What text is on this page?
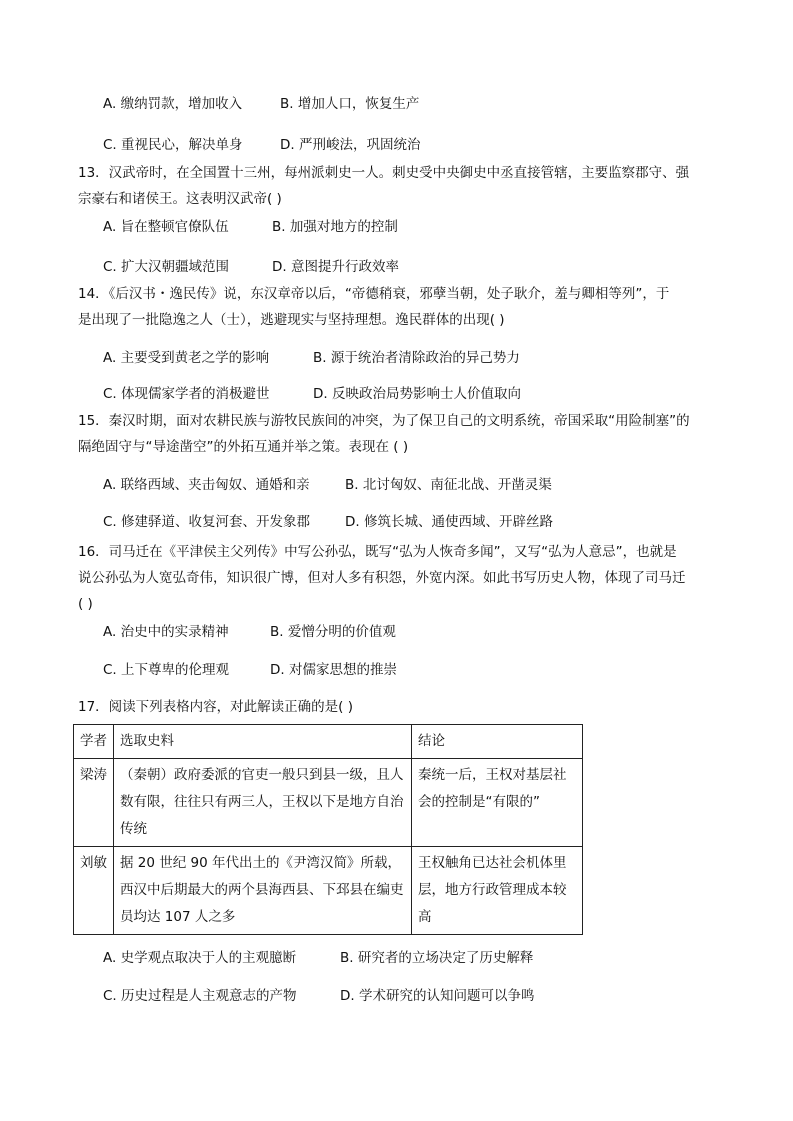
A. 缴纳罚款，增加收入	B. 增加人口，恢复生产
C. 重视民心，解决单身	D. 严刑峻法，巩固统治
13．汉武帝时，在全国置十三州，每州派刺史一人。刺史受中央御史中丞直接管辖，主要监察郡守、强
宗豪右和诸侯王。这表明汉武帝( )
A. 旨在整顿官僚队伍	B. 加强对地方的控制
C. 扩大汉朝疆域范围	D. 意图提升行政效率
14．《后汉书・逸民传》说，东汉章帝以后，“帝德稍衰，邪孽当朝，处子耿介，羞与卿相等列”，于
是出现了一批隐逸之人（士），逃避现实与坚持理想。逸民群体的出现( )
A. 主要受到黄老之学的影响	B. 源于统治者清除政治的异己势力
C. 体现儒家学者的消极避世	D. 反映政治局势影响士人价值取向
15．秦汉时期，面对农耕民族与游牧民族间的冲突，为了保卫自己的文明系统，帝国采取“用险制塞”的
隔绝固守与“导途凿空”的外拓互通并举之策。表现在 ( )
A. 联络西域、夹击匈奴、通婚和亲	B. 北讨匈奴、南征北战、开凿灵渠
C. 修建驿道、收复河套、开发象郡	D. 修筑长城、通使西域、开辟丝路
16．司马迁在《平津侯主父列传》中写公孙弘，既写“弘为人恢奇多闻”，又写“弘为人意忌”，也就是
说公孙弘为人宽弘奇伟，知识很广博，但对人多有积怨，外宽内深。如此书写历史人物，体现了司马迁
( )
A. 治史中的实录精神	B. 爱憎分明的价值观
C. 上下尊卑的伦理观	D. 对儒家思想的推崇
17．阅读下列表格内容，对此解读正确的是( )
学者	选取史料	结论
梁涛	（秦朝）政府委派的官吏一般只到县一级，且人数有限，往往只有两三人，王权以下是地方自治传统	秦统一后，王权对基层社会的控制是“有限的”
刘敏	据 20 世纪 90 年代出土的《尹湾汉简》所载，西汉中后期最大的两个县海西县、下邳县在编吏员均达 107 人之多	王权触角已达社会机体里层，地方行政管理成本较高
A. 史学观点取决于人的主观臆断	B. 研究者的立场决定了历史解释
C. 历史过程是人主观意志的产物	D. 学术研究的认知问题可以争鸣
